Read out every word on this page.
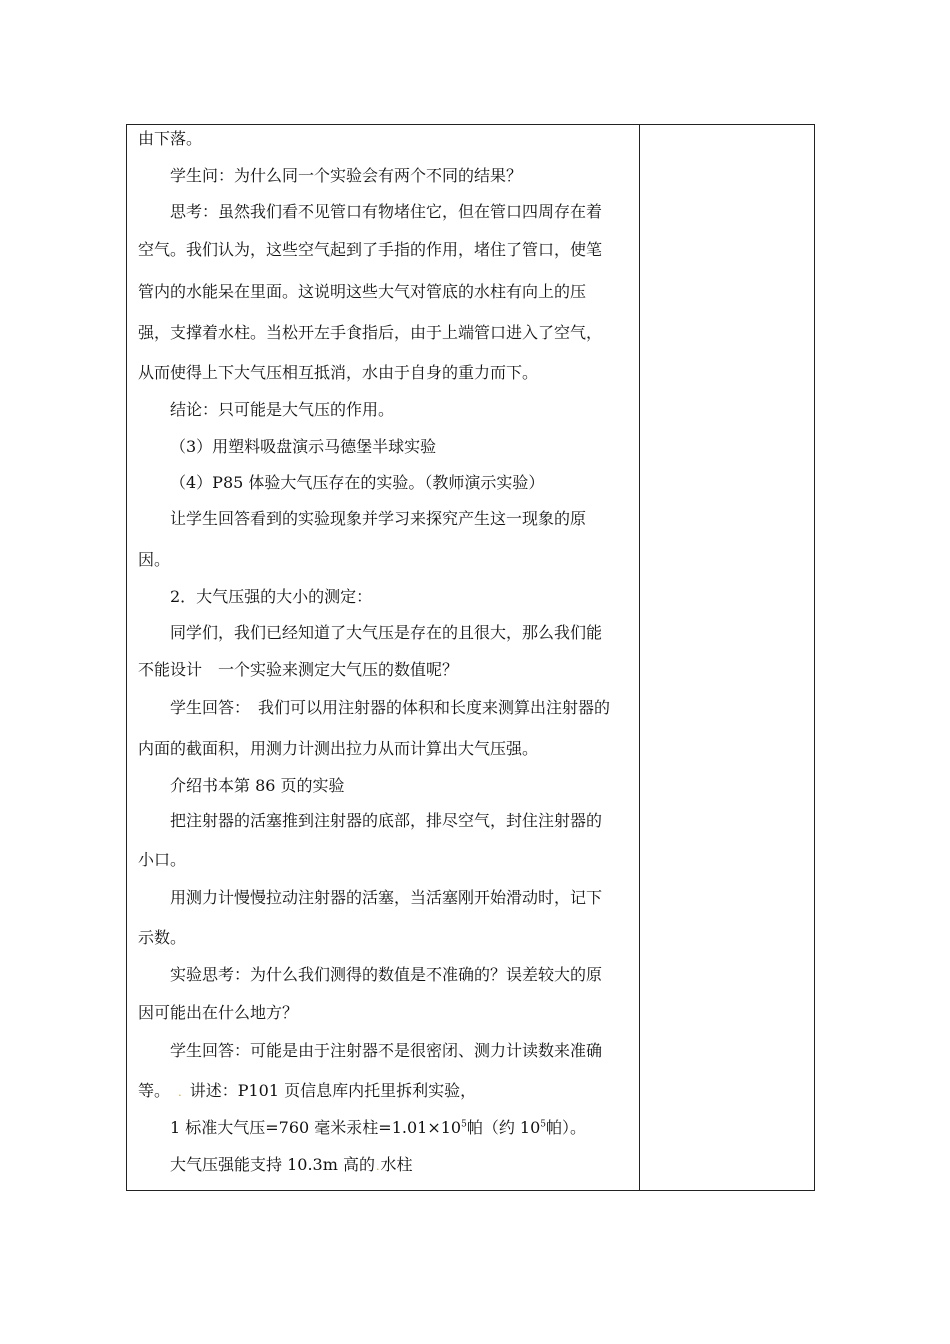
由下落。
学生问：为什么同一个实验会有两个不同的结果？
思考：虽然我们看不见管口有物堵住它，但在管口四周存在着
空气。我们认为，这些空气起到了手指的作用，堵住了管口，使笔
管内的水能呆在里面。这说明这些大气对管底的水柱有向上的压
强，支撑着水柱。当松开左手食指后，由于上端管口进入了空气，
从而使得上下大气压相互抵消，水由于自身的重力而下。
结论：只可能是大气压的作用。
（3）用塑料吸盘演示马德堡半球实验
（4）P85 体验大气压存在的实验。（教师演示实验）
让学生回答看到的实验现象并学习来探究产生这一现象的原
因。
2．大气压强的大小的测定：
同学们，我们已经知道了大气压是存在的且很大，那么我们能
不能设计　一个实验来测定大气压的数值呢？
学生回答：　我们可以用注射器的体积和长度来测算出注射器的
内面的截面积，用测力计测出拉力从而计算出大气压强。
介绍书本第 86 页的实验
把注射器的活塞推到注射器的底部，排尽空气，封住注射器的
小口。
用测力计慢慢拉动注射器的活塞，当活塞刚开始滑动时，记下
示数。
实验思考：为什么我们测得的数值是不准确的？误差较大的原
因可能出在什么地方？
学生回答：可能是由于注射器不是很密闭、测力计读数来准确
等。 . 讲述：P101 页信息库内托里拆利实验，
1 标准大气压=760 毫米汞柱$=1.01\times 10^5$帕（约 $10^5$帕）。
大气压强能支持 10.3m 高的.水柱
